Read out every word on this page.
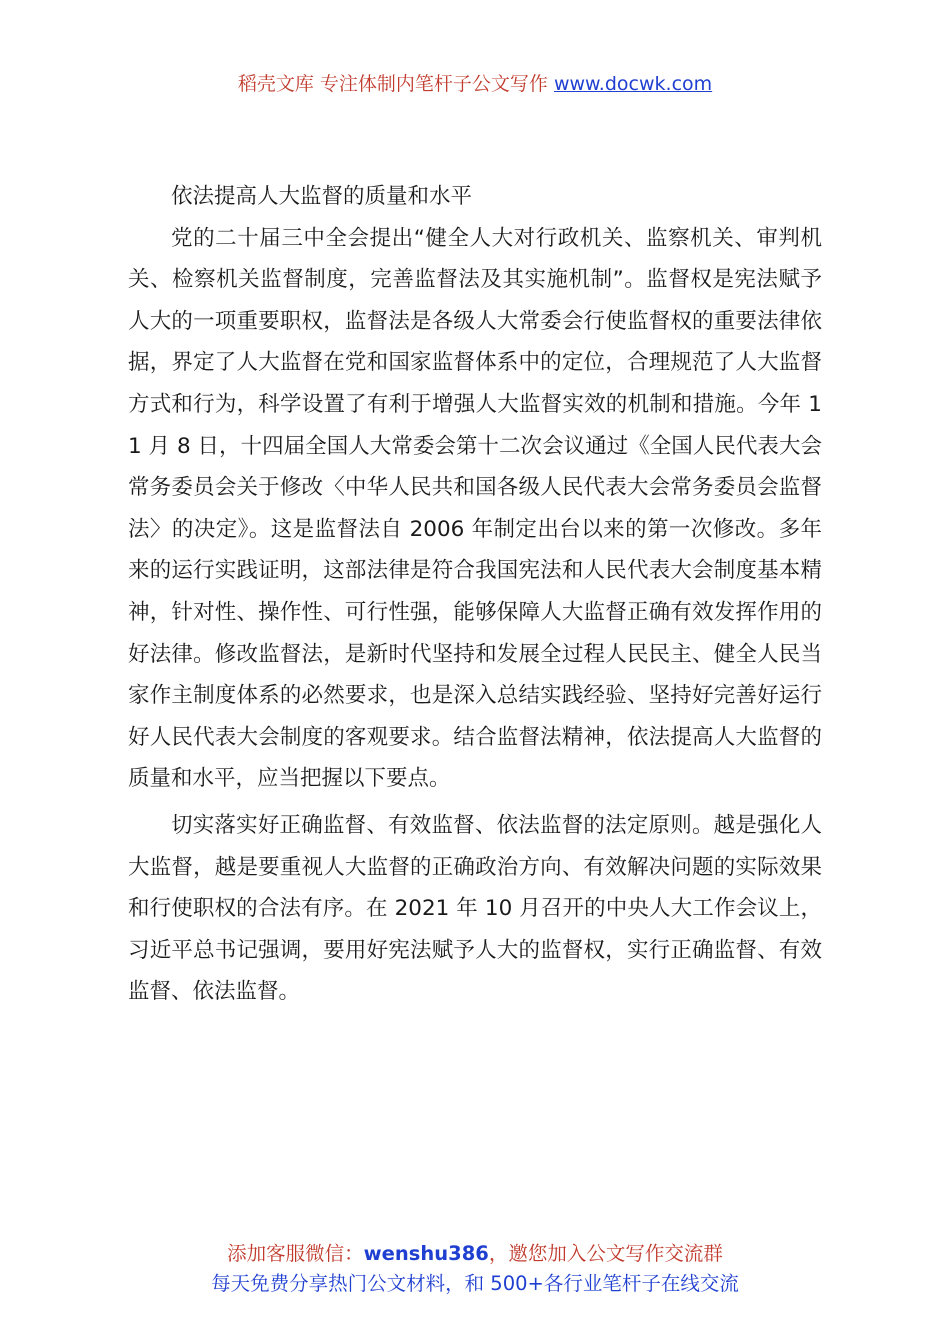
稻壳文库 专注体制内笔杆子公文写作 www.docwk.com

依法提高人大监督的质量和水平

党的二十届三中全会提出“健全人大对行政机关、监察机关、审判机关、检察机关监督制度，完善监督法及其实施机制”。监督权是宪法赋予人大的一项重要职权，监督法是各级人大常委会行使监督权的重要法律依据，界定了人大监督在党和国家监督体系中的定位，合理规范了人大监督方式和行为，科学设置了有利于增强人大监督实效的机制和措施。今年 11 月 8 日，十四届全国人大常委会第十二次会议通过《全国人民代表大会常务委员会关于修改〈中华人民共和国各级人民代表大会常务委员会监督法〉的决定》。这是监督法自 2006 年制定出台以来的第一次修改。多年来的运行实践证明，这部法律是符合我国宪法和人民代表大会制度基本精神，针对性、操作性、可行性强，能够保障人大监督正确有效发挥作用的好法律。修改监督法，是新时代坚持和发展全过程人民民主、健全人民当家作主制度体系的必然要求，也是深入总结实践经验、坚持好完善好运行好人民代表大会制度的客观要求。结合监督法精神，依法提高人大监督的质量和水平，应当把握以下要点。

切实落实好正确监督、有效监督、依法监督的法定原则。越是强化人大监督，越是要重视人大监督的正确政治方向、有效解决问题的实际效果和行使职权的合法有序。在 2021 年 10 月召开的中央人大工作会议上，习近平总书记强调，要用好宪法赋予人大的监督权，实行正确监督、有效监督、依法监督。

添加客服微信：wenshu386，邀您加入公文写作交流群
每天免费分享热门公文材料，和 500+各行业笔杆子在线交流
